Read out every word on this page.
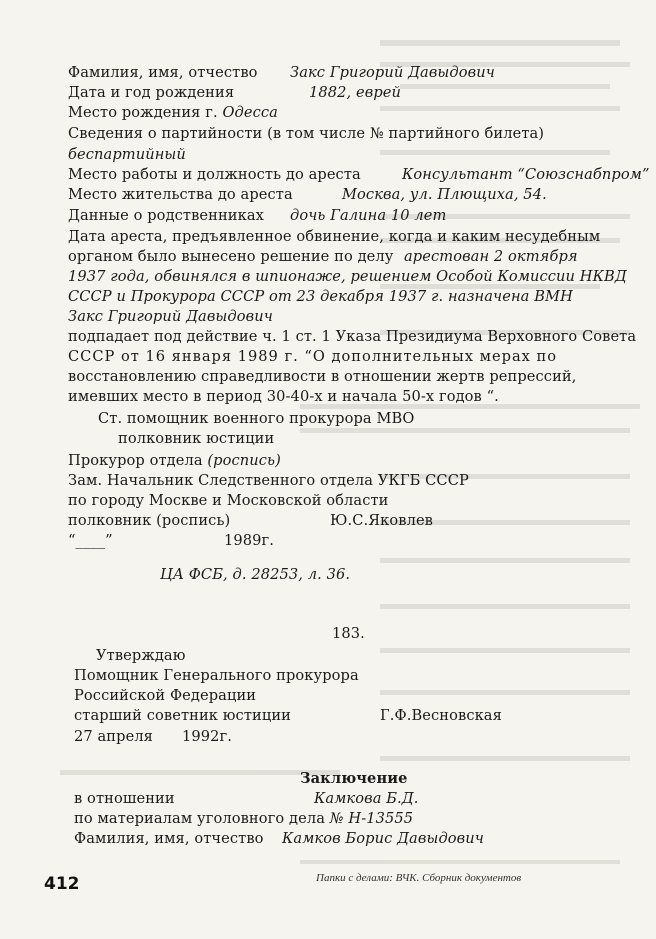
Фамилия, имя, отчество Закс Григорий Давыдович
Дата и год рождения	1882, еврей
Место рождения г. Одесса
Сведения о партийности (в том числе № партийного билета)
беспартийный
Место работы и должность до ареста	Консультант “Союзснабпром”
Место жительства до ареста	Москва, ул. Плющиха, 54.
Данные о родственниках дочь Галина 10 лет
Дата ареста, предъявленное обвинение, когда и каким несудебным
органом было вынесено решение по делу арестован 2 октября
1937 года, обвинялся в шпионаже, решением Особой Комиссии НКВД
СССР и Прокурора СССР от 23 декабря 1937 г. назначена ВМН
Закс Григорий Давыдович
подпадает под действие ч. 1 ст. 1 Указа Президиума Верховного Совета
СССР от 16 января 1989 г. “О дополнительных мерах по
восстановлению справедливости в отношении жертв репрессий,
имевших место в период 30-40-х и начала 50-х годов “.
Ст. помощник военного прокурора МВО
полковник юстиции
Прокурор отдела (роспись)
Зам. Начальник Следственного отдела УКГБ СССР
по городу Москве и Московской области
полковник (роспись)	Ю.С.Яковлев
“____”	1989г.
ЦА ФСБ, д. 28253, л. 36.
183.
Утверждаю
Помощник Генерального прокурора
Российской Федерации
старший советник юстиции	Г.Ф.Весновская
27 апреля 1992г.
Заключение
в отношении	Камкова Б.Д.
по материалам уголовного дела № Н-13555
Фамилия, имя, отчество Камков Борис Давыдович
412	Папки с делами: ВЧК. Сборник документов
